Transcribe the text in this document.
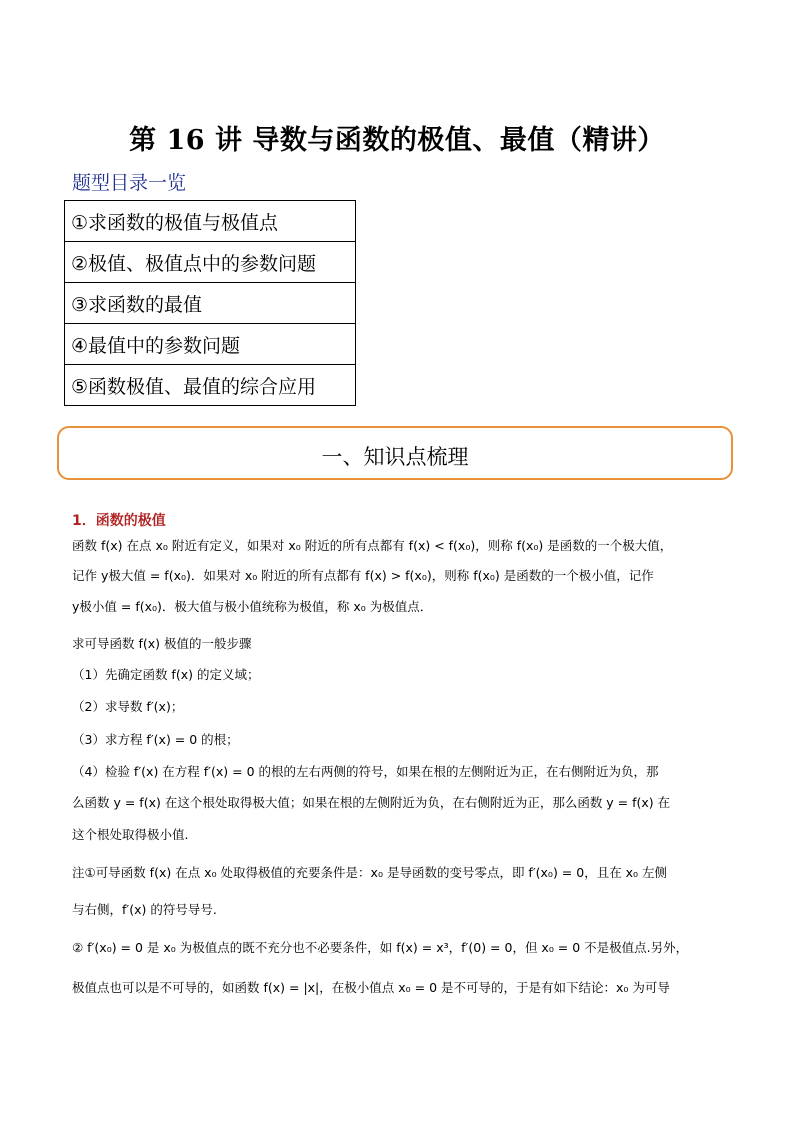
第 16 讲 导数与函数的极值、最值（精讲）
题型目录一览
①求函数的极值与极值点
②极值、极值点中的参数问题
③求函数的最值
④最值中的参数问题
⑤函数极值、最值的综合应用
一、知识点梳理
1．函数的极值
函数 f(x) 在点 x₀ 附近有定义，如果对 x₀ 附近的所有点都有 f(x) < f(x₀)，则称 f(x₀) 是函数的一个极大值，
记作 y极大值 = f(x₀)．如果对 x₀ 附近的所有点都有 f(x) > f(x₀)，则称 f(x₀) 是函数的一个极小值，记作
y极小值 = f(x₀)．极大值与极小值统称为极值，称 x₀ 为极值点．
求可导函数 f(x) 极值的一般步骤
（1）先确定函数 f(x) 的定义域；
（2）求导数 f′(x)；
（3）求方程 f′(x) = 0 的根；
（4）检验 f′(x) 在方程 f′(x) = 0 的根的左右两侧的符号，如果在根的左侧附近为正，在右侧附近为负，那
么函数 y = f(x) 在这个根处取得极大值；如果在根的左侧附近为负，在右侧附近为正，那么函数 y = f(x) 在
这个根处取得极小值.
注①可导函数 f(x) 在点 x₀ 处取得极值的充要条件是：x₀ 是导函数的变号零点，即 f′(x₀) = 0，且在 x₀ 左侧
与右侧，f′(x) 的符号导号.
② f′(x₀) = 0 是 x₀ 为极值点的既不充分也不必要条件，如 f(x) = x³，f′(0) = 0，但 x₀ = 0 不是极值点.另外，
极值点也可以是不可导的，如函数 f(x) = |x|，在极小值点 x₀ = 0 是不可导的，于是有如下结论：x₀ 为可导
